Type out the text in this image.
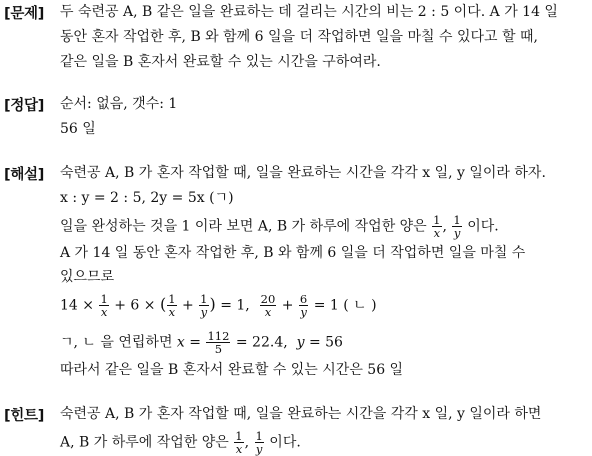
[문제] 두 숙련공 A, B 같은 일을 완료하는 데 걸리는 시간의 비는 2 : 5 이다. A 가 14 일
동안 혼자 작업한 후, B 와 함께 6 일을 더 작업하면 일을 마칠 수 있다고 할 때,
같은 일을 B 혼자서 완료할 수 있는 시간을 구하여라.
[정답] 순서: 없음, 갯수: 1
56 일
[해설] 숙련공 A, B 가 혼자 작업할 때, 일을 완료하는 시간을 각각 x 일, y 일이라 하자.
x : y = 2 : 5, 2y = 5x (ㄱ)
일을 완성하는 것을 1 이라 보면 A, B 가 하루에 작업한 양은 $\frac{1}{x}$ , $\frac{1}{y}$ 이다.
A 가 14 일 동안 혼자 작업한 후, B 와 함께 6 일을 더 작업하면 일을 마칠 수
있으므로
$14 \times \frac{1}{x} + 6$ × ( $\frac{1}{x} + \frac{1}{y}$ ) = 1, $\frac{20}{x} + \frac{6}{y} = 1$ ( ㄴ )
ㄱ, ㄴ 을 연립하면 $x = \frac{112}{5} = 22.4$,  y = 56
따라서 같은 일을 B 혼자서 완료할 수 있는 시간은 56 일
[힌트] 숙련공 A, B 가 혼자 작업할 때, 일을 완료하는 시간을 각각 x 일, y 일이라 하면
A, B 가 하루에 작업한 양은 $\frac{1}{x}$ , $\frac{1}{y}$ 이다.
